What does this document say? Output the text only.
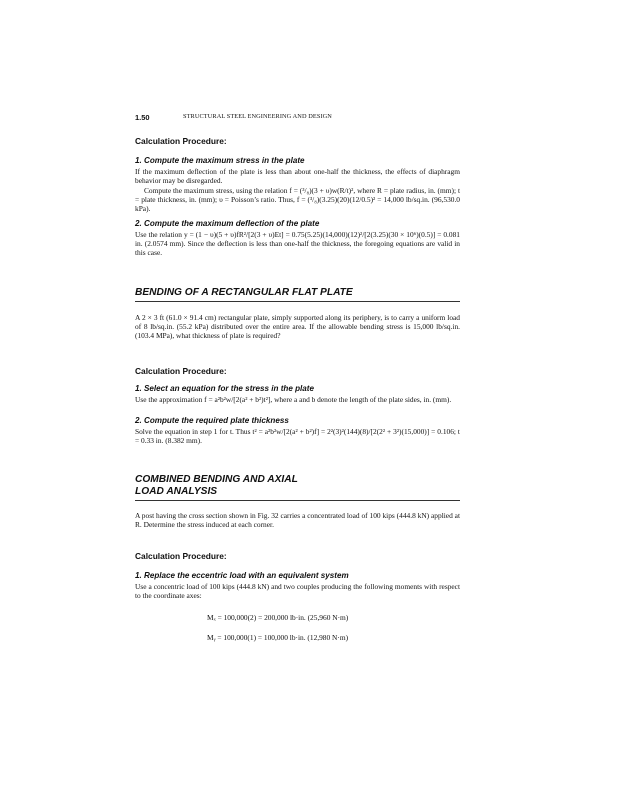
1.50	STRUCTURAL STEEL ENGINEERING AND DESIGN
Calculation Procedure:
1. Compute the maximum stress in the plate
If the maximum deflection of the plate is less than about one-half the thickness, the effects of diaphragm behavior may be disregarded.
Compute the maximum stress, using the relation f = (³/₈)(3 + υ)w(R/t)², where R = plate radius, in. (mm); t = plate thickness, in. (mm); υ = Poisson’s ratio. Thus, f = (³/₈)(3.25)(20)(12/0.5)² = 14,000 lb/sq.in. (96,530.0 kPa).
2. Compute the maximum deflection of the plate
Use the relation y = (1 − υ)(5 + υ)fR²/[2(3 + υ)Et] = 0.75(5.25)(14,000)(12)²/[2(3.25)(30 × 10⁶)(0.5)] = 0.081 in. (2.0574 mm). Since the deflection is less than one-half the thickness, the foregoing equations are valid in this case.
BENDING OF A RECTANGULAR FLAT PLATE
A 2 × 3 ft (61.0 × 91.4 cm) rectangular plate, simply supported along its periphery, is to carry a uniform load of 8 lb/sq.in. (55.2 kPa) distributed over the entire area. If the allowable bending stress is 15,000 lb/sq.in. (103.4 MPa), what thickness of plate is required?
Calculation Procedure:
1. Select an equation for the stress in the plate
Use the approximation f = a²b²w/[2(a² + b²)t²], where a and b denote the length of the plate sides, in. (mm).
2. Compute the required plate thickness
Solve the equation in step 1 for t. Thus t² = a²b²w/[2(a² + b²)f] = 2²(3)²(144)(8)/[2(2² + 3²)(15,000)] = 0.106; t = 0.33 in. (8.382 mm).
COMBINED BENDING AND AXIAL
LOAD ANALYSIS
A post having the cross section shown in Fig. 32 carries a concentrated load of 100 kips (444.8 kN) applied at R. Determine the stress induced at each corner.
Calculation Procedure:
1. Replace the eccentric load with an equivalent system
Use a concentric load of 100 kips (444.8 kN) and two couples producing the following moments with respect to the coordinate axes:
Mₓ = 100,000(2) = 200,000 lb·in. (25,960 N·m)
Mᵧ = 100,000(1) = 100,000 lb·in. (12,980 N·m)
